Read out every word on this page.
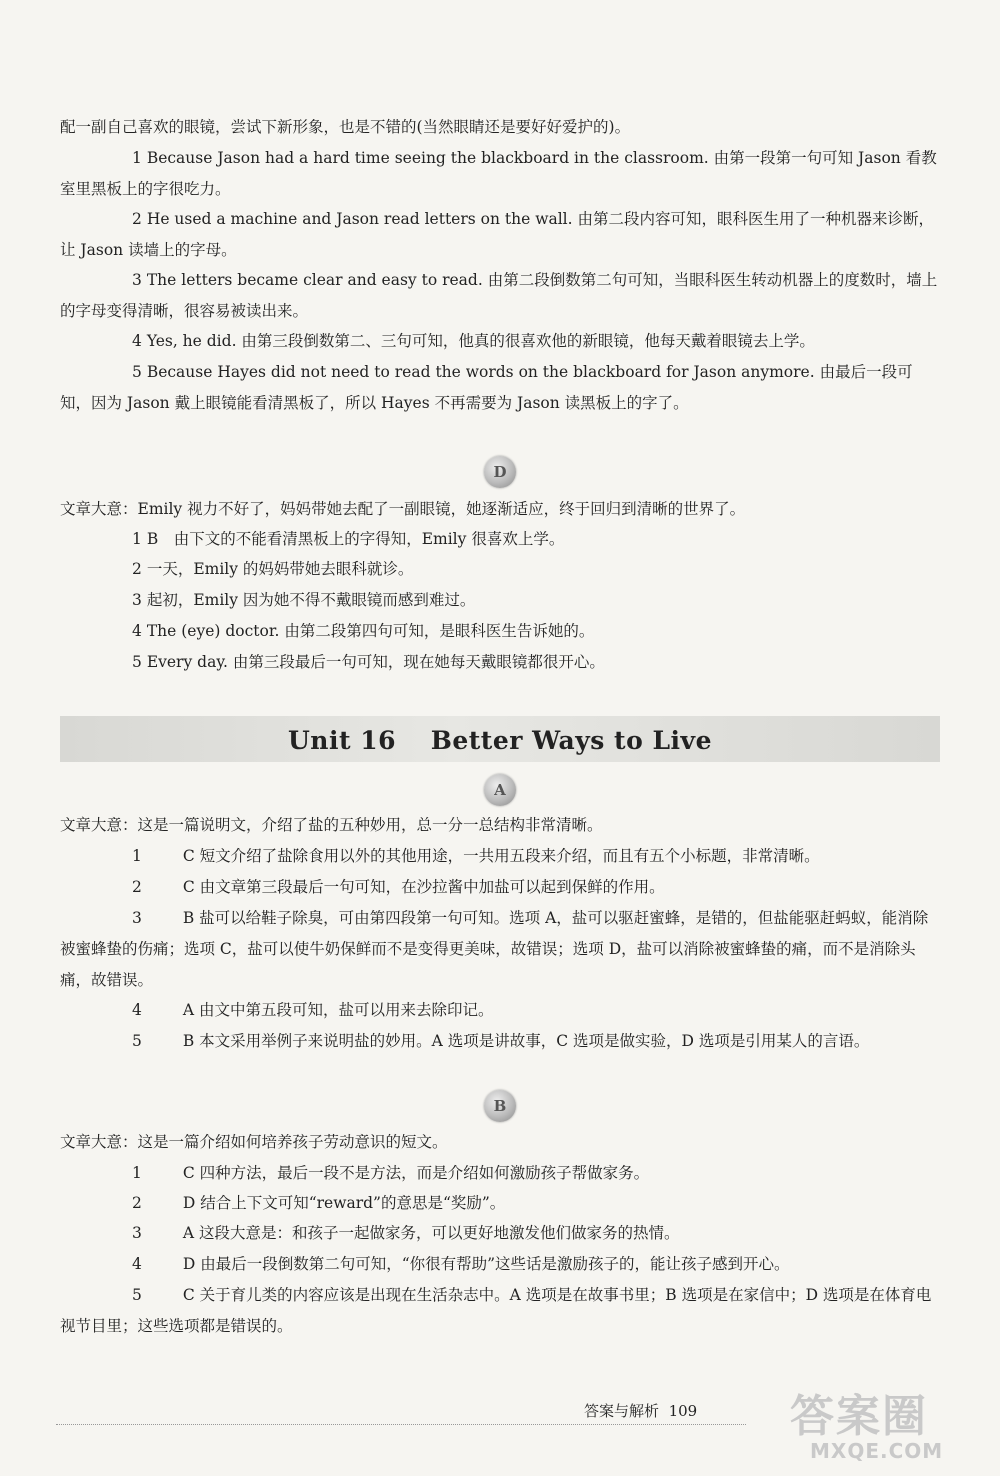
配一副自己喜欢的眼镜，尝试下新形象，也是不错的(当然眼睛还是要好好爱护的)。

1 Because Jason had a hard time seeing the blackboard in the classroom. 由第一段第一句可知 Jason 看教室里黑板上的字很吃力。

2 He used a machine and Jason read letters on the wall. 由第二段内容可知，眼科医生用了一种机器来诊断，让 Jason 读墙上的字母。

3 The letters became clear and easy to read. 由第二段倒数第二句可知，当眼科医生转动机器上的度数时，墙上的字母变得清晰，很容易被读出来。

4 Yes, he did. 由第三段倒数第二、三句可知，他真的很喜欢他的新眼镜，他每天戴着眼镜去上学。

5 Because Hayes did not need to read the words on the blackboard for Jason anymore. 由最后一段可知，因为 Jason 戴上眼镜能看清黑板了，所以 Hayes 不再需要为 Jason 读黑板上的字了。

D

文章大意：Emily 视力不好了，妈妈带她去配了一副眼镜，她逐渐适应，终于回归到清晰的世界了。

1 B　由下文的不能看清黑板上的字得知，Emily 很喜欢上学。

2 一天，Emily 的妈妈带她去眼科就诊。

3 起初，Emily 因为她不得不戴眼镜而感到难过。

4 The (eye) doctor. 由第二段第四句可知，是眼科医生告诉她的。

5 Every day. 由第三段最后一句可知，现在她每天戴眼镜都很开心。

Unit 16　 Better Ways to Live
A

文章大意：这是一篇说明文，介绍了盐的五种妙用，总一分一总结构非常清晰。

1	C 短文介绍了盐除食用以外的其他用途，一共用五段来介绍，而且有五个小标题，非常清晰。

2	C 由文章第三段最后一句可知，在沙拉酱中加盐可以起到保鲜的作用。

3	B 盐可以给鞋子除臭，可由第四段第一句可知。选项 A，盐可以驱赶蜜蜂，是错的，但盐能驱赶蚂蚁，能消除被蜜蜂蛰的伤痛；选项 C，盐可以使牛奶保鲜而不是变得更美味，故错误；选项 D，盐可以消除被蜜蜂蛰的痛，而不是消除头痛，故错误。

4	A 由文中第五段可知，盐可以用来去除印记。

5	B 本文采用举例子来说明盐的妙用。A 选项是讲故事，C 选项是做实验，D 选项是引用某人的言语。

B

文章大意：这是一篇介绍如何培养孩子劳动意识的短文。

1	C 四种方法，最后一段不是方法，而是介绍如何激励孩子帮做家务。

2	D 结合上下文可知“reward”的意思是“奖励”。

3	A 这段大意是：和孩子一起做家务，可以更好地激发他们做家务的热情。

4	D 由最后一段倒数第二句可知，“你很有帮助”这些话是激励孩子的，能让孩子感到开心。

5	C 关于育儿类的内容应该是出现在生活杂志中。A 选项是在故事书里；B 选项是在家信中；D 选项是在体育电视节目里；这些选项都是错误的。

答案与解析 109 答案圈
MXQE.COM
